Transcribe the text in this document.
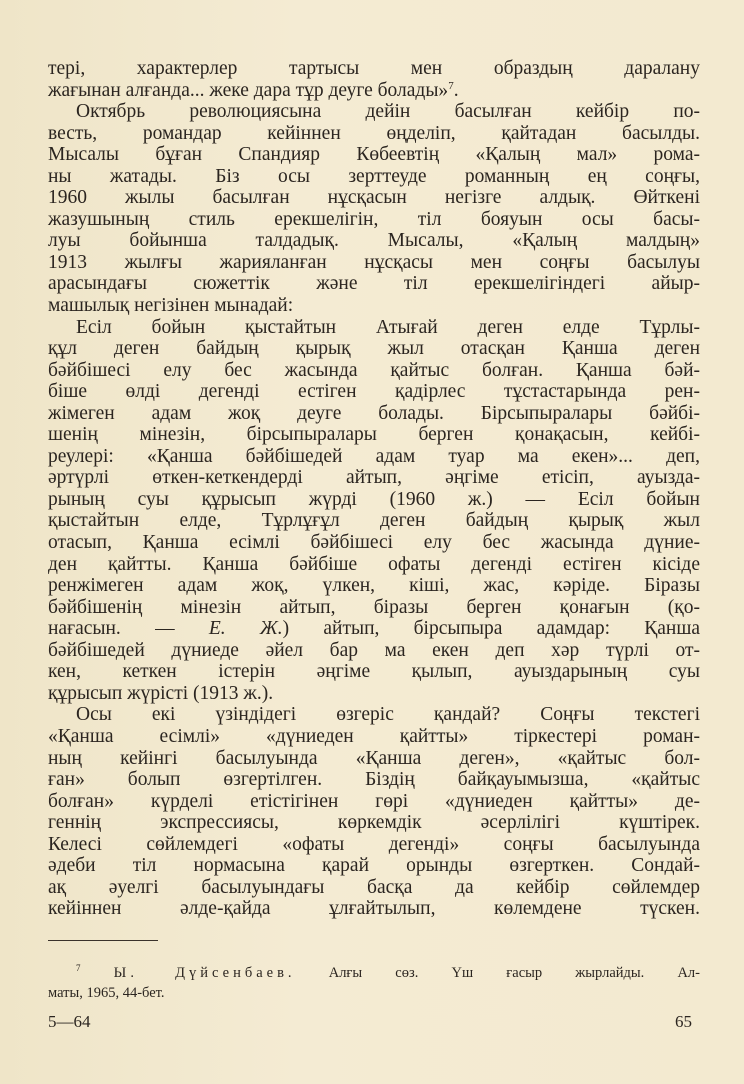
тері, характерлер тартысы мен образдың даралану
жағынан алғанда... жеке дара тұр деуге болады»$^7$.
Октябрь революциясына дейін басылған кейбір по-
весть, романдар кейіннен өңделіп, қайтадан басылды.
Мысалы бұған Спандияр Көбеевтің «Қалың мал» рома-
ны жатады. Біз осы зерттеуде романның ең соңғы,
1960 жылы басылған нұсқасын негізге алдық. Өйткені
жазушының стиль ерекшелігін, тіл бояуын осы басы-
луы бойынша талдадық. Мысалы, «Қалың малдың»
1913 жылғы жарияланған нұсқасы мен соңғы басылуы
арасындағы сюжеттік және тіл ерекшелігіндегі айыр-
машылық негізінен мынадай:
Есіл бойын қыстайтын Атығай деген елде Тұрлы-
құл деген байдың қырық жыл отасқан Қанша деген
бәйбішесі елу бес жасында қайтыс болған. Қанша бәй-
біше өлді дегенді естіген қадірлес тұстастарында рен-
жімеген адам жоқ деуге болады. Бірсыпыралары бәйбі-
шенің мінезін, бірсыпыралары берген қонақасын, кейбі-
реулері: «Қанша бәйбішедей адам туар ма екен»... деп,
әртүрлі өткен-кеткендерді айтып, әңгіме етісіп, ауызда-
рының суы құрысып жүрді (1960 ж.) — Есіл бойын
қыстайтын елде, Тұрлұғұл деген байдың қырық жыл
отасып, Қанша есімлі бәйбішесі елу бес жасында дүние-
ден қайтты. Қанша бәйбіше офаты дегенді естіген кісіде
ренжімеген адам жоқ, үлкен, кіші, жас, кәріде. Біразы
бәйбішенің мінезін айтып, біразы берген қонағын (қо-
нағасын. — Е. Ж.) айтып, бірсыпыра адамдар: Қанша
бәйбішедей дүниеде әйел бар ма екен деп хәр түрлі от-
кен, кеткен істерін әңгіме қылып, ауыздарының суы
құрысып жүрісті (1913 ж.).
Осы екі үзіндідегі өзгеріс қандай? Соңғы текстегі
«Қанша есімлі» «дүниеден қайтты» тіркестері роман-
ның кейінгі басылуында «Қанша деген», «қайтыс бол-
ған» болып өзгертілген. Біздің байқауымызша, «қайтыс
болған» күрделі етістігінен гөрі «дүниеден қайтты» де-
геннің экспрессиясы, көркемдік әсерлілігі күштірек.
Келесі сөйлемдегі «офаты дегенді» соңғы басылуында
әдеби тіл нормасына қарай орынды өзгерткен. Сондай-
ақ әуелгі басылуындағы басқа да кейбір сөйлемдер
кейіннен әлде-қайда ұлғайтылып, көлемдене түскен.
$^7$ Ы. Дүйсенбаев. Алғы сөз. Үш ғасыр жырлайды. Ал-
маты, 1965, 44-бет.
5—64	65
